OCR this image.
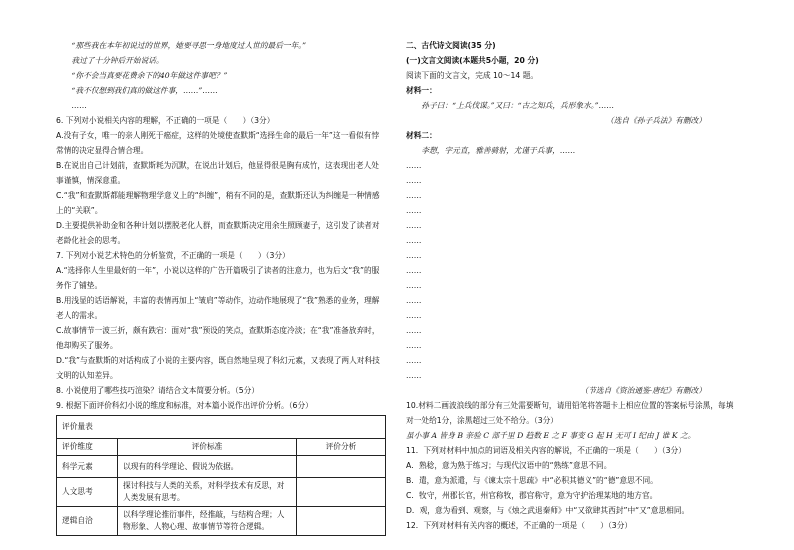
“那些我在本年初说过的世界，她要寻思一身地度过人世的最后一年。”

我过了十分钟后开始说话。

“你不会当真要花费余下的40年做这件事吧？”

“我不仅想到我们真的做这件事，……”……

……

6. 下列对小说相关内容的理解，不正确的一项是（　　）（3分）

A.没有子女，唯一的亲人刚死于癌症，这样的处境使查默斯“选择生命的最后一年”这一看似有悖常情的决定显得合情合理。

B.在说出自己计划前，查默斯耗为沉默，在说出计划后，他显得很是胸有成竹，这表现出老人处事谨慎，情深意重。

C.“我”和查默斯都能理解物理学意义上的“纠缠”，稍有不同的是，查默斯还认为纠缠是一种情感上的“关联”。

D.主要提供补助金和各种计划以摆脱老化人群，而查默斯决定用余生照顾妻子，这引发了读者对老龄化社会的思考。

7. 下列对小说艺术特色的分析鉴赏，不正确的一项是（　　）（3分）

A.“选择你人生里最好的一年”，小说以这样的广告开篇吸引了读者的注意力，也为后文“我”的服务作了铺垫。

B.用浅显的话语解说，丰富的表情再加上“皱肩”等动作，边动作地展现了“我”熟悉的业务，理解老人的需求。

C.故事情节一波三折，颇有跌宕：面对“我”预设的笑点，查默斯态度冷淡；在“我”准备放弃时，他却购买了服务。

D.“我”与查默斯的对话构成了小说的主要内容，既自然地呈现了科幻元素，又表现了两人对科技文明的认知差异。

8. 小说使用了哪些技巧渲染？请结合文本简要分析。（5分）

9. 根据下面评价科幻小说的维度和标准，对本篇小说作出评价分析。（6分）

评价量表		
评价维度	评价标准	评价分析
科学元素	以现有的科学理论、假说为依据。	
人文思考	探讨科技与人类的关系，对科学技术有反思，对人类发展有思考。	
逻辑自洽	以科学理论推衍事件，经推敲，与结构合理；人物形象、人物心理、故事情节等符合逻辑。	

二、古代诗文阅读(35 分)

(一)文言文阅读(本题共5小题，20 分)

阅读下面的文言文，完成 10～14 题。

材料一：

孙子曰：“上兵伐谋。”又曰：“古之知兵，兵形象水。”……

（选自《孙子兵法》有删改）

材料二：

李愬，字元直，雅善骑射，尤谨于兵事，……

……

……

……

……

……

……

……

……

……

……

……

……

……

……

……

（节选自《资治通鉴·唐纪》有删改）

10.材料二画波浪线的部分有三处需要断句，请用铅笔将答题卡上相应位置的答案标号涂黑，每填对一处给1分，涂黑超过三处不给分。（3分）

虽小事 A 皆身 B 亲验 C 部千里 D 趋数 E 之 F 事变 G 起 H 无可 I 纪由 J 谁 K 之。

11．下列对材料中加点的词语及相关内容的解说，不正确的一项是（　　）（3分）

A．熟稔，意为熟于练习；与现代汉语中的“熟练”意思不同。

B．遣，意为派遣，与《谏太宗十思疏》中“必积其德义”的“德”意思不同。

C．牧守，州郡长官，州官称牧，郡官称守，意为守护治理某地的地方官。

D．观，意为看到、观察，与《烛之武退秦师》中“又欲肆其西封”中“又”意思相同。

12．下列对材料有关内容的概述，不正确的一项是（　　）（3分）
